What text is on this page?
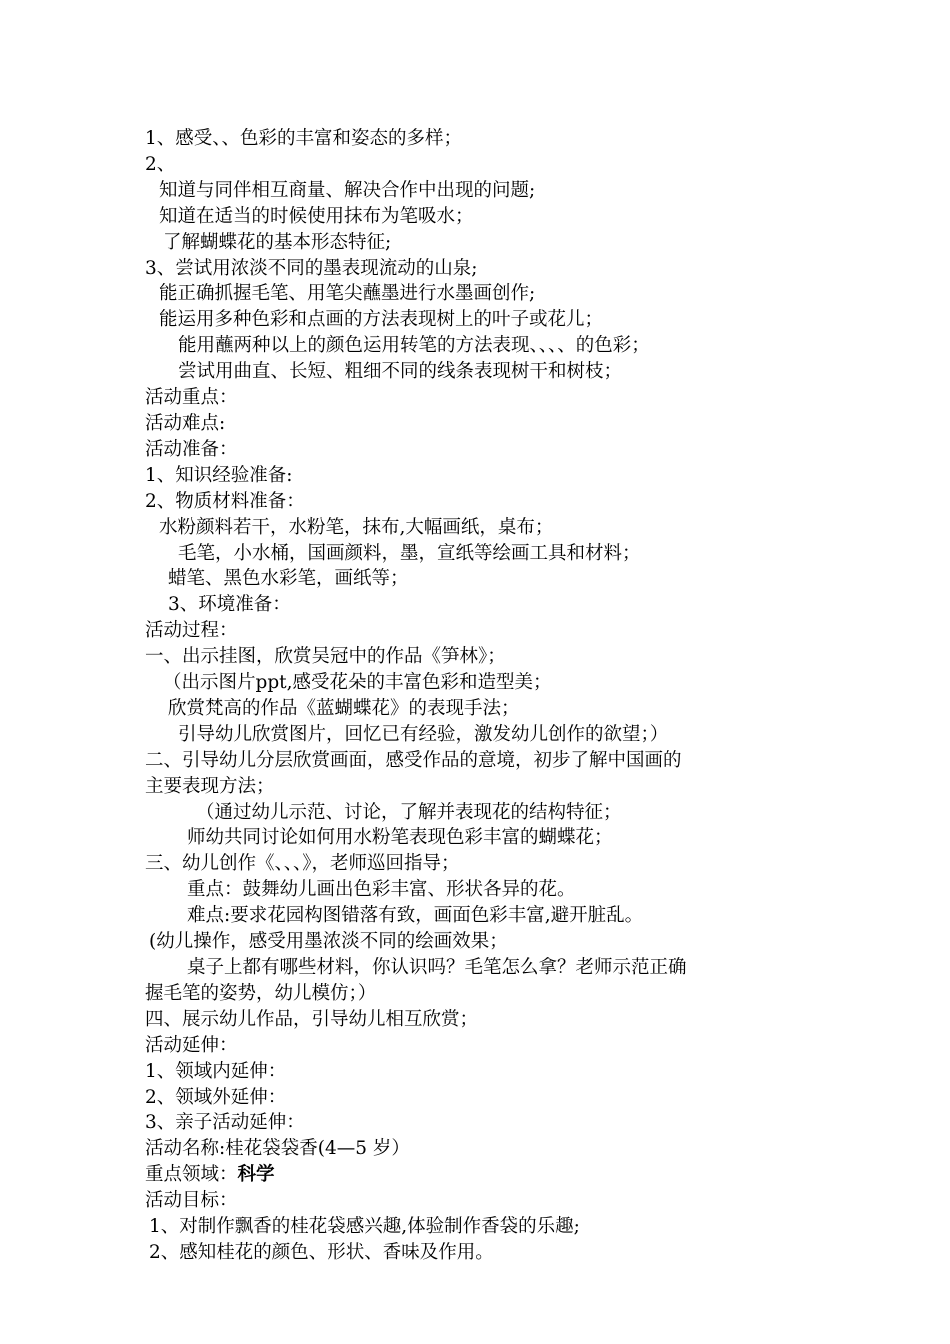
1、感受、、色彩的丰富和姿态的多样；
2、
知道与同伴相互商量、解决合作中出现的问题;
知道在适当的时候使用抹布为笔吸水；
了解蝴蝶花的基本形态特征;
3、尝试用浓淡不同的墨表现流动的山泉;
能正确抓握毛笔、用笔尖蘸墨进行水墨画创作;
能运用多种色彩和点画的方法表现树上的叶子或花儿；
能用蘸两种以上的颜色运用转笔的方法表现、、、、的色彩；
尝试用曲直、长短、粗细不同的线条表现树干和树枝；
活动重点：
活动难点:
活动准备：
1、知识经验准备:
2、物质材料准备：
水粉颜料若干，水粉笔，抹布,大幅画纸，桌布；
毛笔，小水桶，国画颜料，墨，宣纸等绘画工具和材料；
蜡笔、黑色水彩笔，画纸等；
3、环境准备：
活动过程：
一、出示挂图，欣赏吴冠中的作品《笋林》；
（出示图片ppt,感受花朵的丰富色彩和造型美；
欣赏梵高的作品《蓝蝴蝶花》的表现手法；
引导幼儿欣赏图片，回忆已有经验，激发幼儿创作的欲望；）
二、引导幼儿分层欣赏画面，感受作品的意境，初步了解中国画的
主要表现方法；
（通过幼儿示范、讨论，了解并表现花的结构特征；
师幼共同讨论如何用水粉笔表现色彩丰富的蝴蝶花；
三、幼儿创作《、、、》，老师巡回指导；
重点：鼓舞幼儿画出色彩丰富、形状各异的花。
难点:要求花园构图错落有致，画面色彩丰富,避开脏乱。
(幼儿操作，感受用墨浓淡不同的绘画效果；
桌子上都有哪些材料，你认识吗？毛笔怎么拿？老师示范正确
握毛笔的姿势，幼儿模仿；）
四、展示幼儿作品，引导幼儿相互欣赏；
活动延伸：
1、领域内延伸：
2、领域外延伸：
3、亲子活动延伸：
活动名称:桂花袋袋香(4—5 岁）
重点领域：科学
活动目标：
1、对制作飘香的桂花袋感兴趣,体验制作香袋的乐趣;
2、感知桂花的颜色、形状、香味及作用。
